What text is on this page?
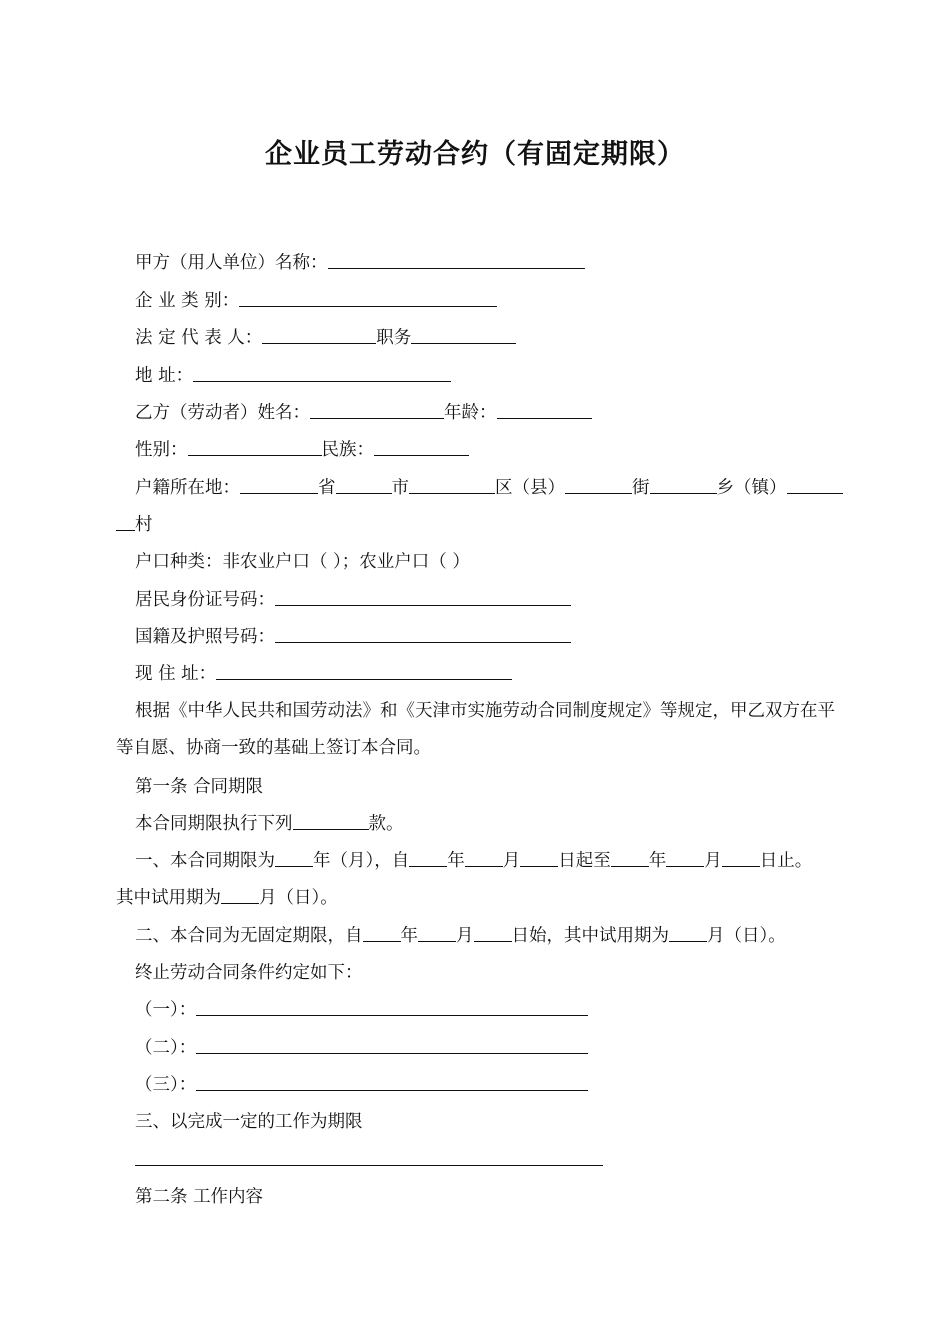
企业员工劳动合约（有固定期限）
甲方（用人单位）名称：
企 业 类 别：
法 定 代 表 人：	职务
地 址：
乙方（劳动者）姓名：	年龄：
性别：	民族：
户籍所在地：	省	市	区（县）	街	乡（镇）
村
户口种类：非农业户口（ ）；农业户口（ ）
居民身份证号码：
国籍及护照号码：
现 住 址：
根据《中华人民共和国劳动法》和《天津市实施劳动合同制度规定》等规定，甲乙双方在平等自愿、协商一致的基础上签订本合同。
第一条 合同期限
本合同期限执行下列	款。
一、本合同期限为 年（月），自 年 月 日起至 年 月 日止。
其中试用期为 月（日）。
二、本合同为无固定期限，自 年 月 日始，其中试用期为 月（日）。
终止劳动合同条件约定如下：
（一）：
（二）：
（三）：
三、以完成一定的工作为期限
第二条 工作内容
